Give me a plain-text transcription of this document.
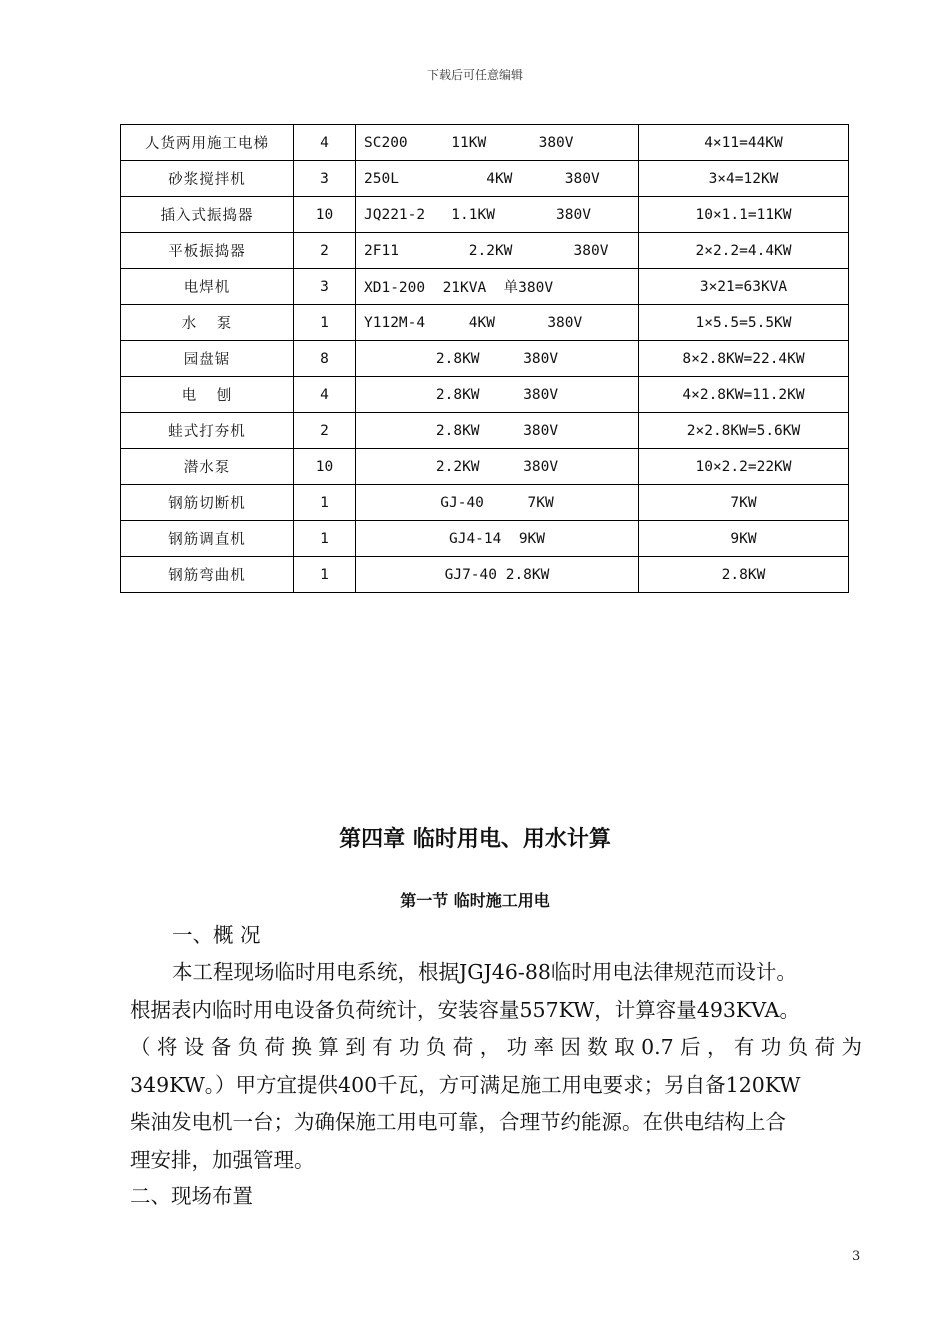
下载后可任意编辑
人货两用施工电梯	4	SC200     11KW      380V	4×11=44KW
砂浆搅拌机	3	250L          4KW      380V	3×4=12KW
插入式振捣器	10	JQ221-2   1.1KW       380V	10×1.1=11KW
平板振捣器	2	2F11        2.2KW       380V	2×2.2=4.4KW
电焊机	3	XD1-200  21KVA  单380V	3×21=63KVA
水  泵	1	Y112M-4     4KW      380V	1×5.5=5.5KW
园盘锯	8	2.8KW     380V	8×2.8KW=22.4KW
电  刨	4	2.8KW     380V	4×2.8KW=11.2KW
蛙式打夯机	2	2.8KW     380V	2×2.8KW=5.6KW
潜水泵	10	2.2KW     380V	10×2.2=22KW
钢筋切断机	1	GJ-40     7KW	7KW
钢筋调直机	1	GJ4-14  9KW	9KW
钢筋弯曲机	1	GJ7-40 2.8KW	2.8KW
第四章 临时用电、用水计算
第一节 临时施工用电
一、概 况

本工程现场临时用电系统，根据JGJ46-88临时用电法律规范而设计。

根据表内临时用电设备负荷统计，安装容量557KW，计算容量493KVA。

（将设备负荷换算到有功负荷，功率因数取0.7后，有功负荷为

349KW。）甲方宜提供400千瓦，方可满足施工用电要求；另自备120KW

柴油发电机一台；为确保施工用电可靠，合理节约能源。在供电结构上合

理安排，加强管理。

二、现场布置
3
